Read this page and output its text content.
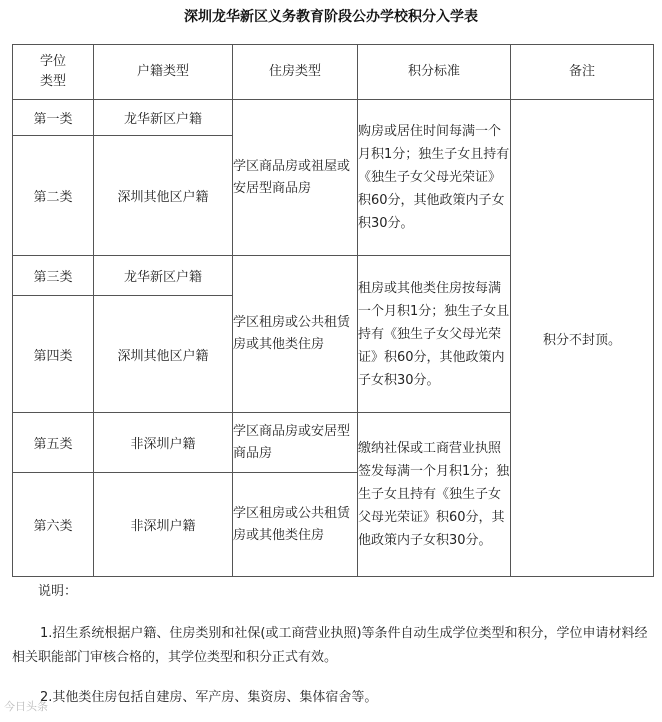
深圳龙华新区义务教育阶段公办学校积分入学表
学位
类型	户籍类型	住房类型	积分标准	备注
第一类	龙华新区户籍	学区商品房或祖屋或安居型商品房	购房或居住时间每满一个月积1分；独生子女且持有《独生子女父母光荣证》积60分，其他政策内子女积30分。	积分不封顶。
第二类	深圳其他区户籍			
第三类	龙华新区户籍	学区租房或公共租赁房或其他类住房	租房或其他类住房按每满一个月积1分；独生子女且持有《独生子女父母光荣证》积60分，其他政策内子女积30分。	
第四类	深圳其他区户籍			
第五类	非深圳户籍	学区商品房或安居型商品房	缴纳社保或工商营业执照签发每满一个月积1分；独生子女且持有《独生子女父母光荣证》积60分，其他政策内子女积30分。	
第六类	非深圳户籍	学区租房或公共租赁房或其他类住房		

说明：

1.招生系统根据户籍、住房类别和社保(或工商营业执照)等条件自动生成学位类型和积分，学位申请材料经相关职能部门审核合格的，其学位类型和积分正式有效。

2.其他类住房包括自建房、军产房、集资房、集体宿舍等。

今日头条
